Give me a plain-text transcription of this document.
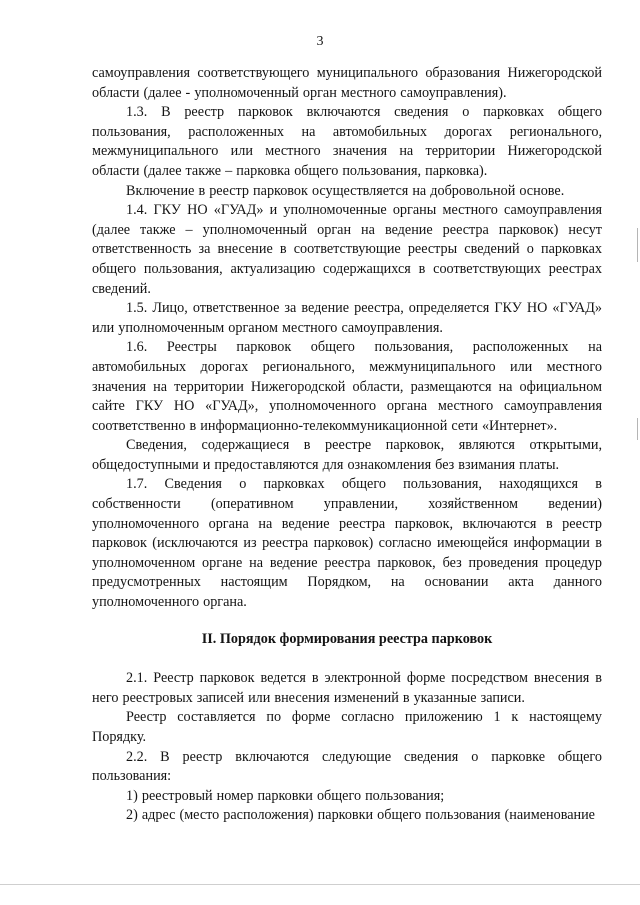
3

самоуправления соответствующего муниципального образования Нижегородской области (далее - уполномоченный орган местного самоуправления).

1.3. В реестр парковок включаются сведения о парковках общего пользования, расположенных на автомобильных дорогах регионального, межмуниципального или местного значения на территории Нижегородской области (далее также – парковка общего пользования, парковка).

Включение в реестр парковок осуществляется на добровольной основе.

1.4. ГКУ НО «ГУАД» и уполномоченные органы местного самоуправления (далее также – уполномоченный орган на ведение реестра парковок) несут ответственность за внесение в соответствующие реестры сведений о парковках общего пользования, актуализацию содержащихся в соответствующих реестрах сведений.

1.5. Лицо, ответственное за ведение реестра, определяется ГКУ НО «ГУАД» или уполномоченным органом местного самоуправления.

1.6. Реестры парковок общего пользования, расположенных на автомобильных дорогах регионального, межмуниципального или местного значения на территории Нижегородской области, размещаются на официальном сайте ГКУ НО «ГУАД», уполномоченного органа местного самоуправления соответственно в информационно-телекоммуникационной сети «Интернет».

Сведения, содержащиеся в реестре парковок, являются открытыми, общедоступными и предоставляются для ознакомления без взимания платы.

1.7. Сведения о парковках общего пользования, находящихся в собственности (оперативном управлении, хозяйственном ведении) уполномоченного органа на ведение реестра парковок, включаются в реестр парковок (исключаются из реестра парковок) согласно имеющейся информации в уполномоченном органе на ведение реестра парковок, без проведения процедур предусмотренных настоящим Порядком, на основании акта данного уполномоченного органа.

II. Порядок формирования реестра парковок

2.1. Реестр парковок ведется в электронной форме посредством внесения в него реестровых записей или внесения изменений в указанные записи.

Реестр составляется по форме согласно приложению 1 к настоящему Порядку.

2.2. В реестр включаются следующие сведения о парковке общего пользования:

1) реестровый номер парковки общего пользования;

2) адрес (место расположения) парковки общего пользования (наименование
